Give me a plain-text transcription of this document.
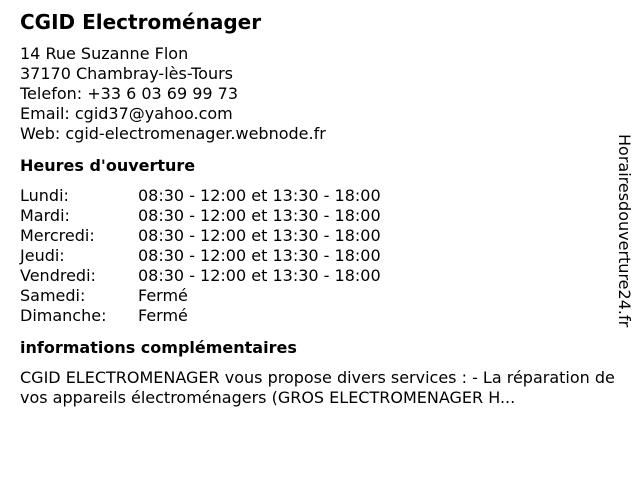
CGID Electroménager
14 Rue Suzanne Flon
37170 Chambray-lès-Tours
Telefon: +33 6 03 69 99 73
Email: cgid37@yahoo.com
Web: cgid-electromenager.webnode.fr
Heures d'ouverture
Lundi:	08:30 - 12:00 et 13:30 - 18:00
Mardi:	08:30 - 12:00 et 13:30 - 18:00
Mercredi:	08:30 - 12:00 et 13:30 - 18:00
Jeudi:	08:30 - 12:00 et 13:30 - 18:00
Vendredi:	08:30 - 12:00 et 13:30 - 18:00
Samedi:	Fermé
Dimanche:	Fermé
informations complémentaires
CGID ELECTROMENAGER vous propose divers services : - La réparation de vos appareils électroménagers (GROS ELECTROMENAGER H...
Horairesdouverture24.fr
